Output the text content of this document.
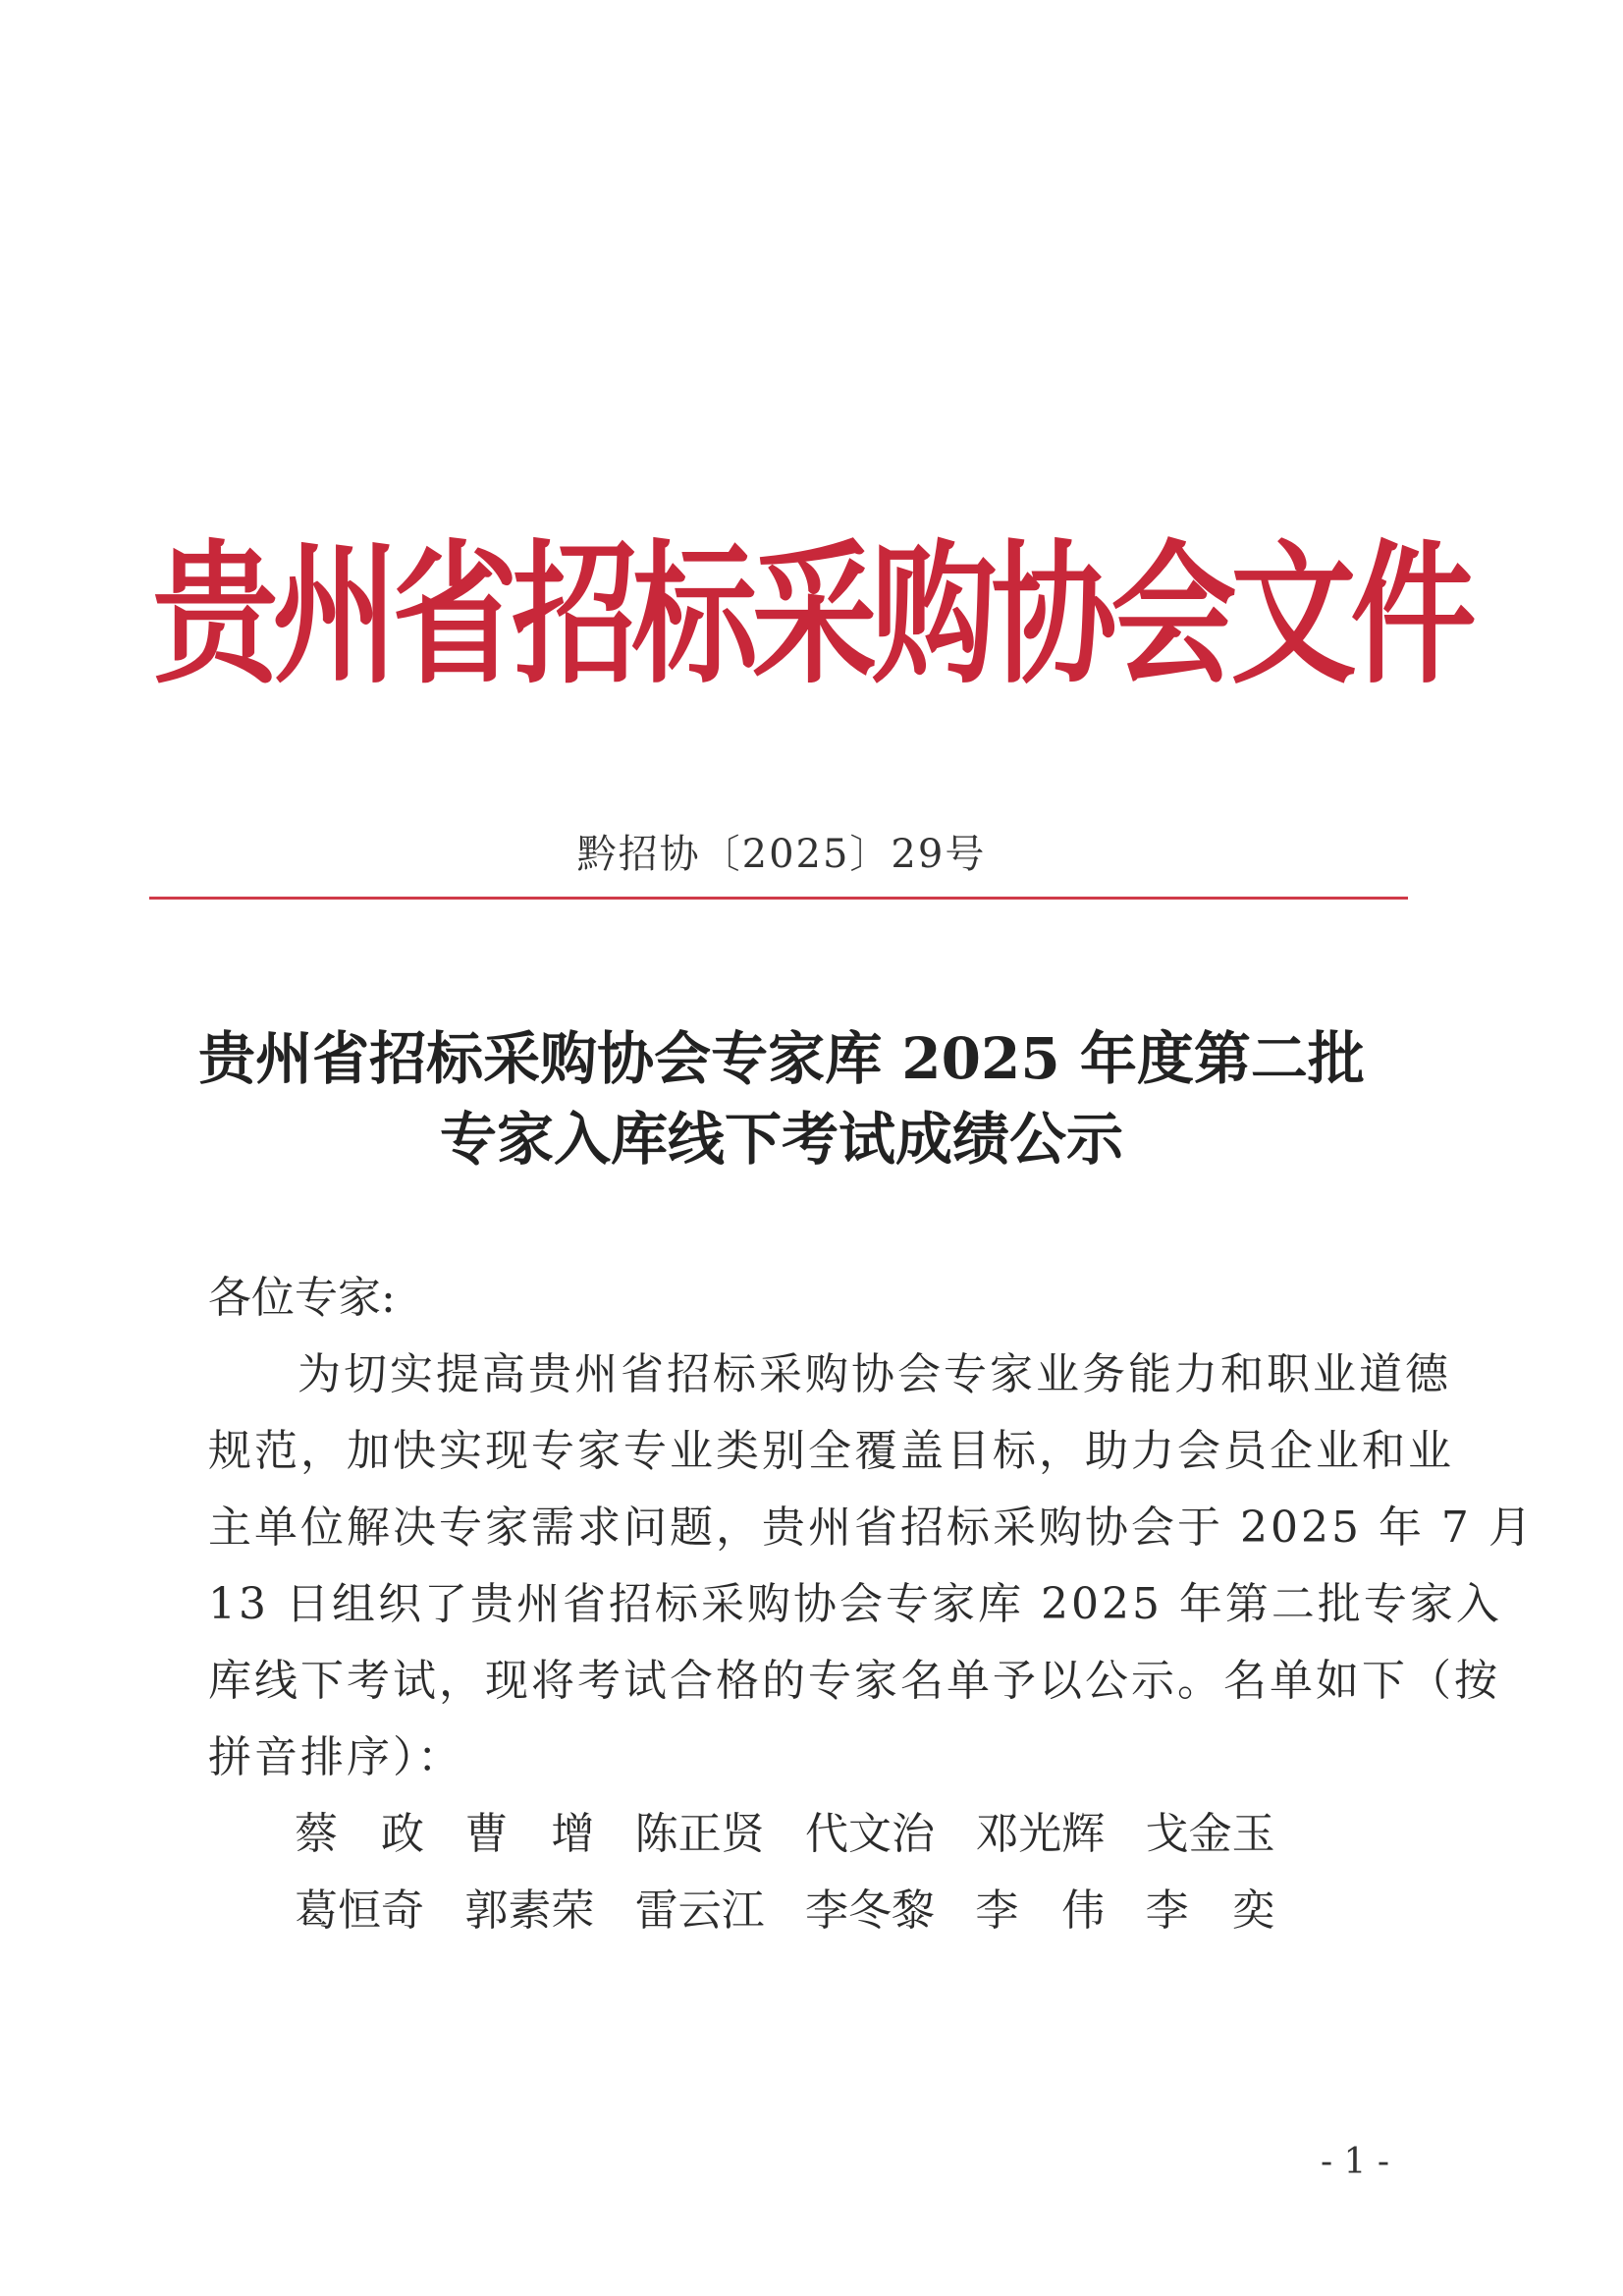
贵州省招标采购协会文件
黔招协〔2025〕29号
贵州省招标采购协会专家库 2025 年度第二批
专家入库线下考试成绩公示
各位专家:
为切实提高贵州省招标采购协会专家业务能力和职业道德
规范，加快实现专家专业类别全覆盖目标，助力会员企业和业
主单位解决专家需求问题，贵州省招标采购协会于 2025 年 7 月
13 日组织了贵州省招标采购协会专家库 2025 年第二批专家入
库线下考试，现将考试合格的专家名单予以公示。名单如下（按
拼音排序）：
蔡　政 曹　增 陈正贤 代文治 邓光辉 戈金玉
葛恒奇 郭素荣 雷云江 李冬黎 李　伟 李　奕
- 1 -
